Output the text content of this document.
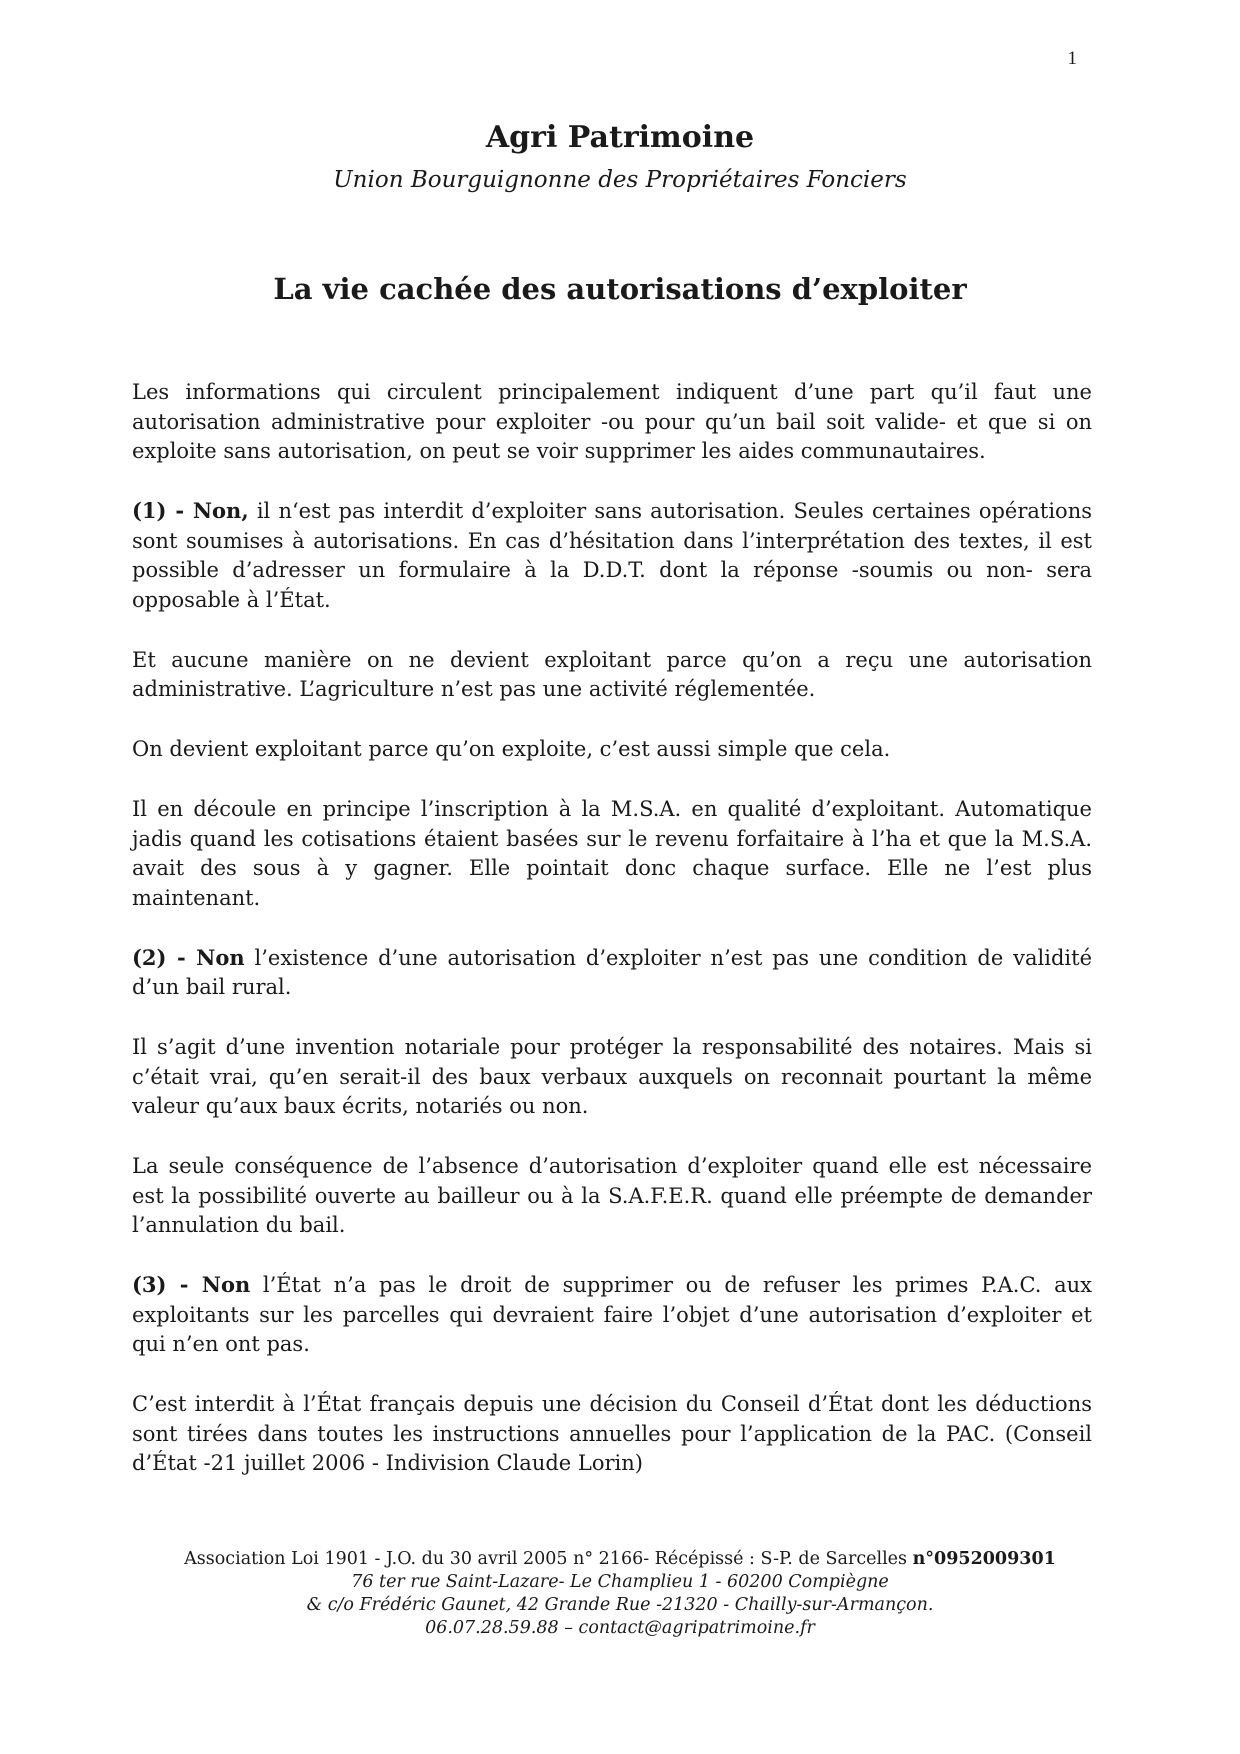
1
Agri Patrimoine
Union Bourguignonne des Propriétaires Fonciers
La vie cachée des autorisations d’exploiter

Les informations qui circulent principalement indiquent d’une part qu’il faut une autorisation administrative pour exploiter -ou pour qu’un bail soit valide- et que si on exploite sans autorisation, on peut se voir supprimer les aides communautaires.

(1) - Non, il n‘est pas interdit d’exploiter sans autorisation. Seules certaines opérations sont soumises à autorisations. En cas d’hésitation dans l’interprétation des textes, il est possible d’adresser un formulaire à la D.D.T. dont la réponse -soumis ou non- sera opposable à l’État.

Et aucune manière on ne devient exploitant parce qu’on a reçu une autorisation administrative. L’agriculture n’est pas une activité réglementée.

On devient exploitant parce qu’on exploite, c’est aussi simple que cela.

Il en découle en principe l’inscription à la M.S.A. en qualité d’exploitant. Automatique jadis quand les cotisations étaient basées sur le revenu forfaitaire à l’ha et que la M.S.A. avait des sous à y gagner. Elle pointait donc chaque surface. Elle ne l’est plus maintenant.

(2) - Non l’existence d’une autorisation d’exploiter n’est pas une condition de validité d’un bail rural.

Il s’agit d’une invention notariale pour protéger la responsabilité des notaires. Mais si c’était vrai, qu’en serait-il des baux verbaux auxquels on reconnait pourtant la même valeur qu’aux baux écrits, notariés ou non.

La seule conséquence de l’absence d’autorisation d’exploiter quand elle est nécessaire est la possibilité ouverte au bailleur ou à la S.A.F.E.R. quand elle préempte de demander l’annulation du bail.

(3) - Non l’État n’a pas le droit de supprimer ou de refuser les primes P.A.C. aux exploitants sur les parcelles qui devraient faire l’objet d’une autorisation d’exploiter et qui n’en ont pas.

C’est interdit à l’État français depuis une décision du Conseil d’État dont les déductions sont tirées dans toutes les instructions annuelles pour l’application de la PAC. (Conseil d’État -21 juillet 2006 - Indivision Claude Lorin)

Association Loi 1901 - J.O. du 30 avril 2005 n° 2166- Récépissé : S-P. de Sarcelles n°0952009301
76 ter rue Saint-Lazare- Le Champlieu 1 - 60200 Compiègne
& c/o Frédéric Gaunet, 42 Grande Rue -21320 - Chailly-sur-Armançon.
06.07.28.59.88 – contact@agripatrimoine.fr
